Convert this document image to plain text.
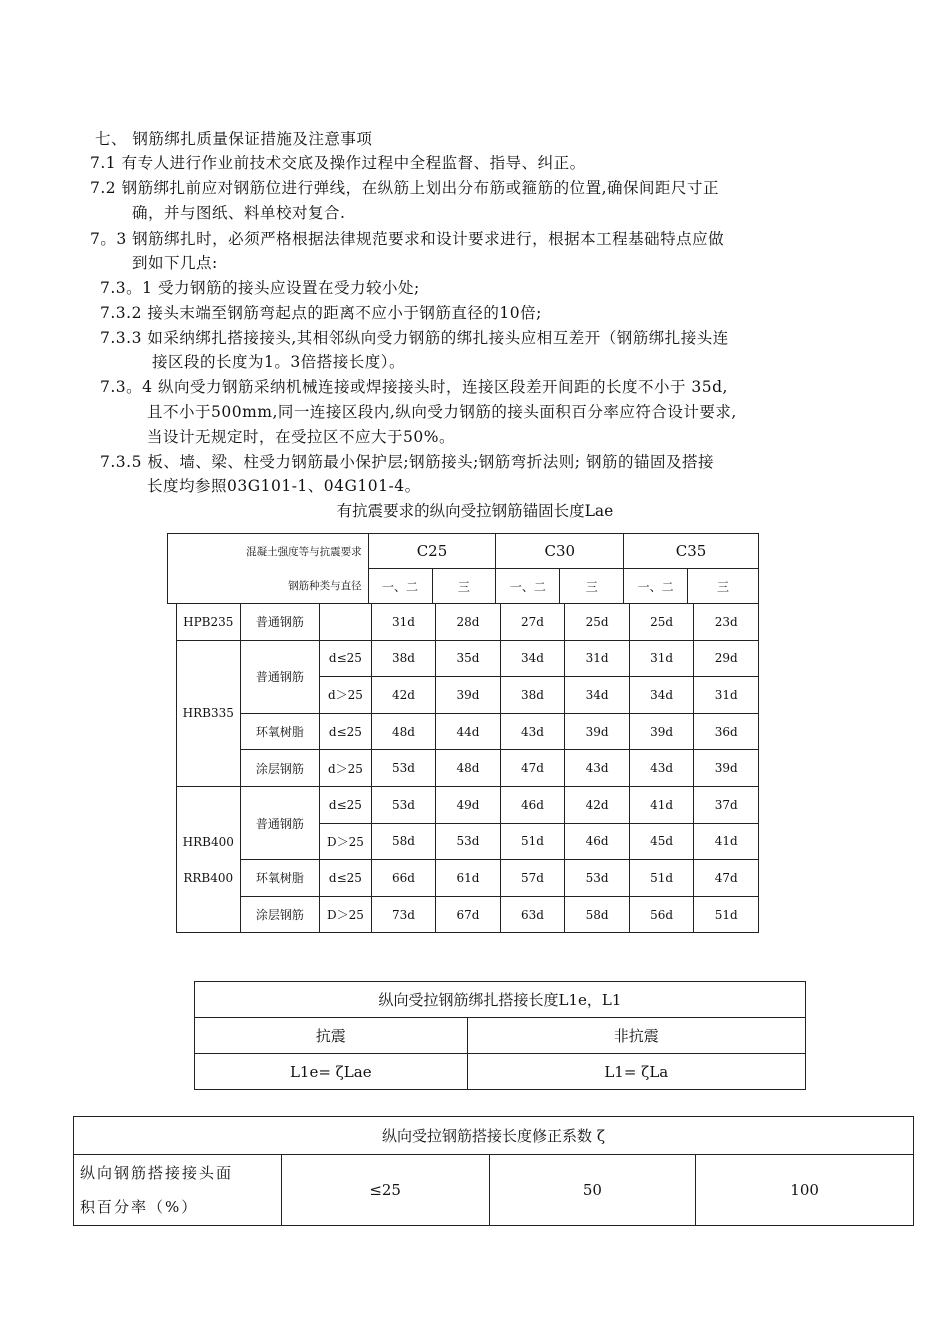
七、 钢筋绑扎质量保证措施及注意事项
7.1 有专人进行作业前技术交底及操作过程中全程监督、指导、纠正。
7.2 钢筋绑扎前应对钢筋位进行弹线，在纵筋上划出分布筋或箍筋的位置,确保间距尺寸正
确，并与图纸、料单校对复合.
7。3 钢筋绑扎时，必须严格根据法律规范要求和设计要求进行，根据本工程基础特点应做
到如下几点:
7.3。1 受力钢筋的接头应设置在受力较小处;
7.3.2 接头末端至钢筋弯起点的距离不应小于钢筋直径的10倍;
7.3.3 如采纳绑扎搭接接头,其相邻纵向受力钢筋的绑扎接头应相互差开（钢筋绑扎接头连
接区段的长度为1。3倍搭接长度）。
7.3。4 纵向受力钢筋采纳机械连接或焊接接头时，连接区段差开间距的长度不小于 35d,
且不小于500mm,同一连接区段内,纵向受力钢筋的接头面积百分率应符合设计要求,
当设计无规定时，在受拉区不应大于50%。
7.3.5 板、墙、梁、柱受力钢筋最小保护层;钢筋接头;钢筋弯折法则; 钢筋的锚固及搭接
长度均参照03G101-1、04G101-4。
有抗震要求的纵向受拉钢筋锚固长度Lae
混凝土强度等与抗震要求
钢筋种类与直径	C25		C30		C35	
	一、二	三	一、二	三	一、二	三
HPB235	普通钢筋		31d	28d	27d	25d	25d	23d
HRB335	普通钢筋	d≤25	38d	35d	34d	31d	31d	29d
		d＞25	42d	39d	38d	34d	34d	31d
	环氧树脂	d≤25	48d	44d	43d	39d	39d	36d
	涂层钢筋	d＞25	53d	48d	47d	43d	43d	39d

HRB400
RRB400	普通钢筋	d≤25	53d	49d	46d	42d	41d	37d
		D＞25	58d	53d	51d	46d	45d	41d
	环氧树脂	d≤25	66d	61d	57d	53d	51d	47d
	涂层钢筋	D＞25	73d	67d	63d	58d	56d	51d
纵向受拉钢筋绑扎搭接长度L1e，L1	
抗震	非抗震
L1e= ζLae	L1= ζLa
纵向受拉钢筋搭接长度修正系数 ζ

纵向钢筋搭接接头面
积百分率（%）
	≤25	50	100
